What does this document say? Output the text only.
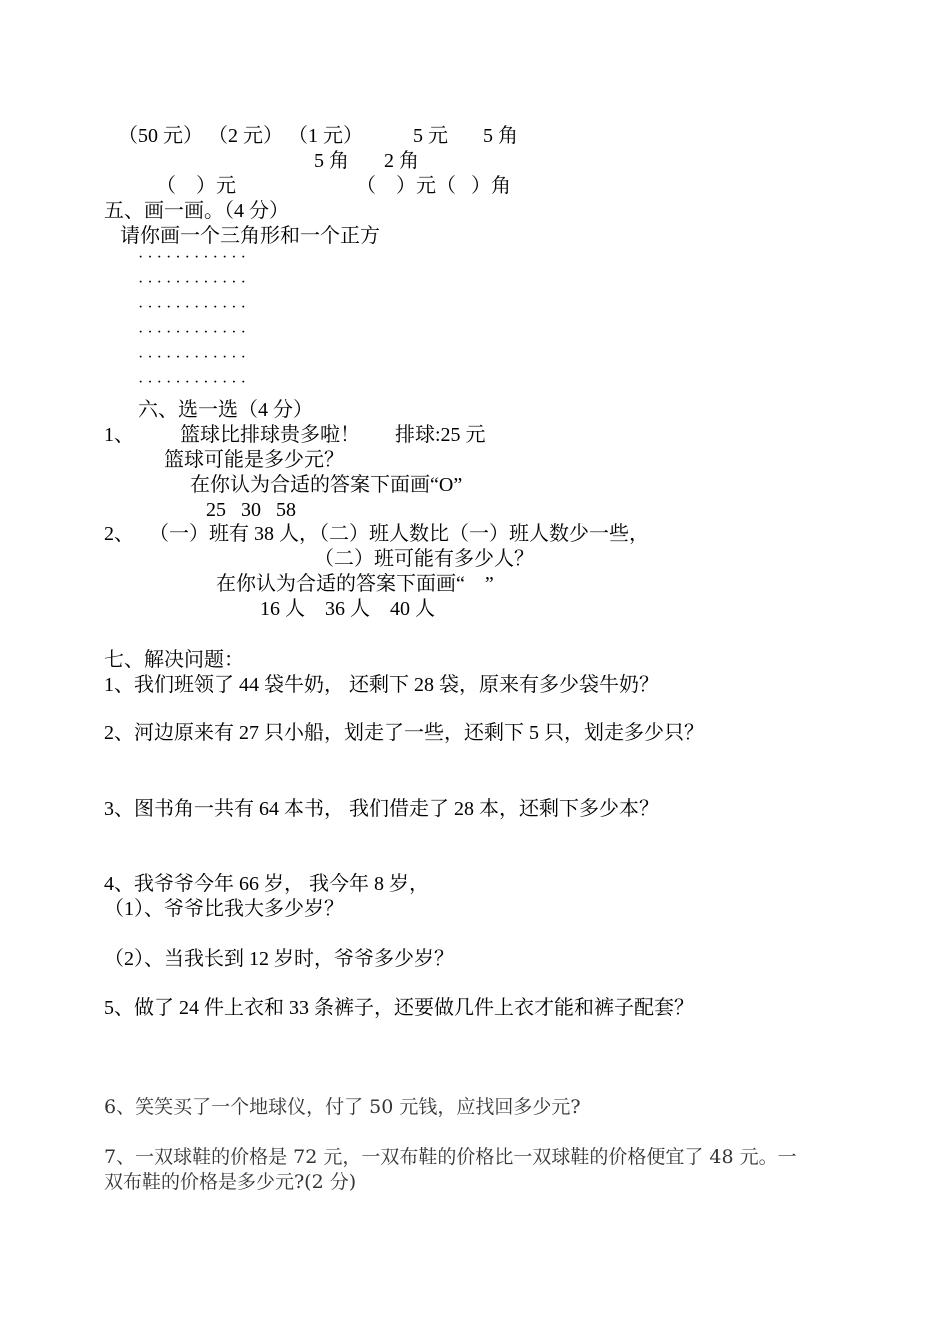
（50 元） （2 元） （1 元）          5 元       5 角
5 角       2 角
（    ）元	（    ）元（   ）角
五、画一画。（4 分）
请你画一个三角形和一个正方
· · · · · · · · · · · ·
· · · · · · · · · · · ·
· · · · · · · · · · · ·
· · · · · · · · · · · ·
· · · · · · · · · · · ·
· · · · · · · · · · · ·
六、选一选（4 分）
1、 篮球比排球贵多啦！       排球:25 元
篮球可能是多少元？
在你认为合适的答案下面画“O”
25   30   58
2、   （一）班有 38 人，（二）班人数比（一）班人数少一些，
（二）班可能有多少人？
在你认为合适的答案下面画“    ”
16 人    36 人    40 人
七、解决问题：
1、我们班领了 44 袋牛奶， 还剩下 28 袋，原来有多少袋牛奶？
2、河边原来有 27 只小船，划走了一些，还剩下 5 只，划走多少只？
3、图书角一共有 64 本书， 我们借走了 28 本，还剩下多少本？
4、我爷爷今年 66 岁， 我今年 8 岁，
（1）、爷爷比我大多少岁？
（2）、当我长到 12 岁时，爷爷多少岁？
5、做了 24 件上衣和 33 条裤子，还要做几件上衣才能和裤子配套？
6、笑笑买了一个地球仪，付了 50 元钱，应找回多少元?
7、一双球鞋的价格是 72 元，一双布鞋的价格比一双球鞋的价格便宜了 48 元。一
双布鞋的价格是多少元?(2 分)
